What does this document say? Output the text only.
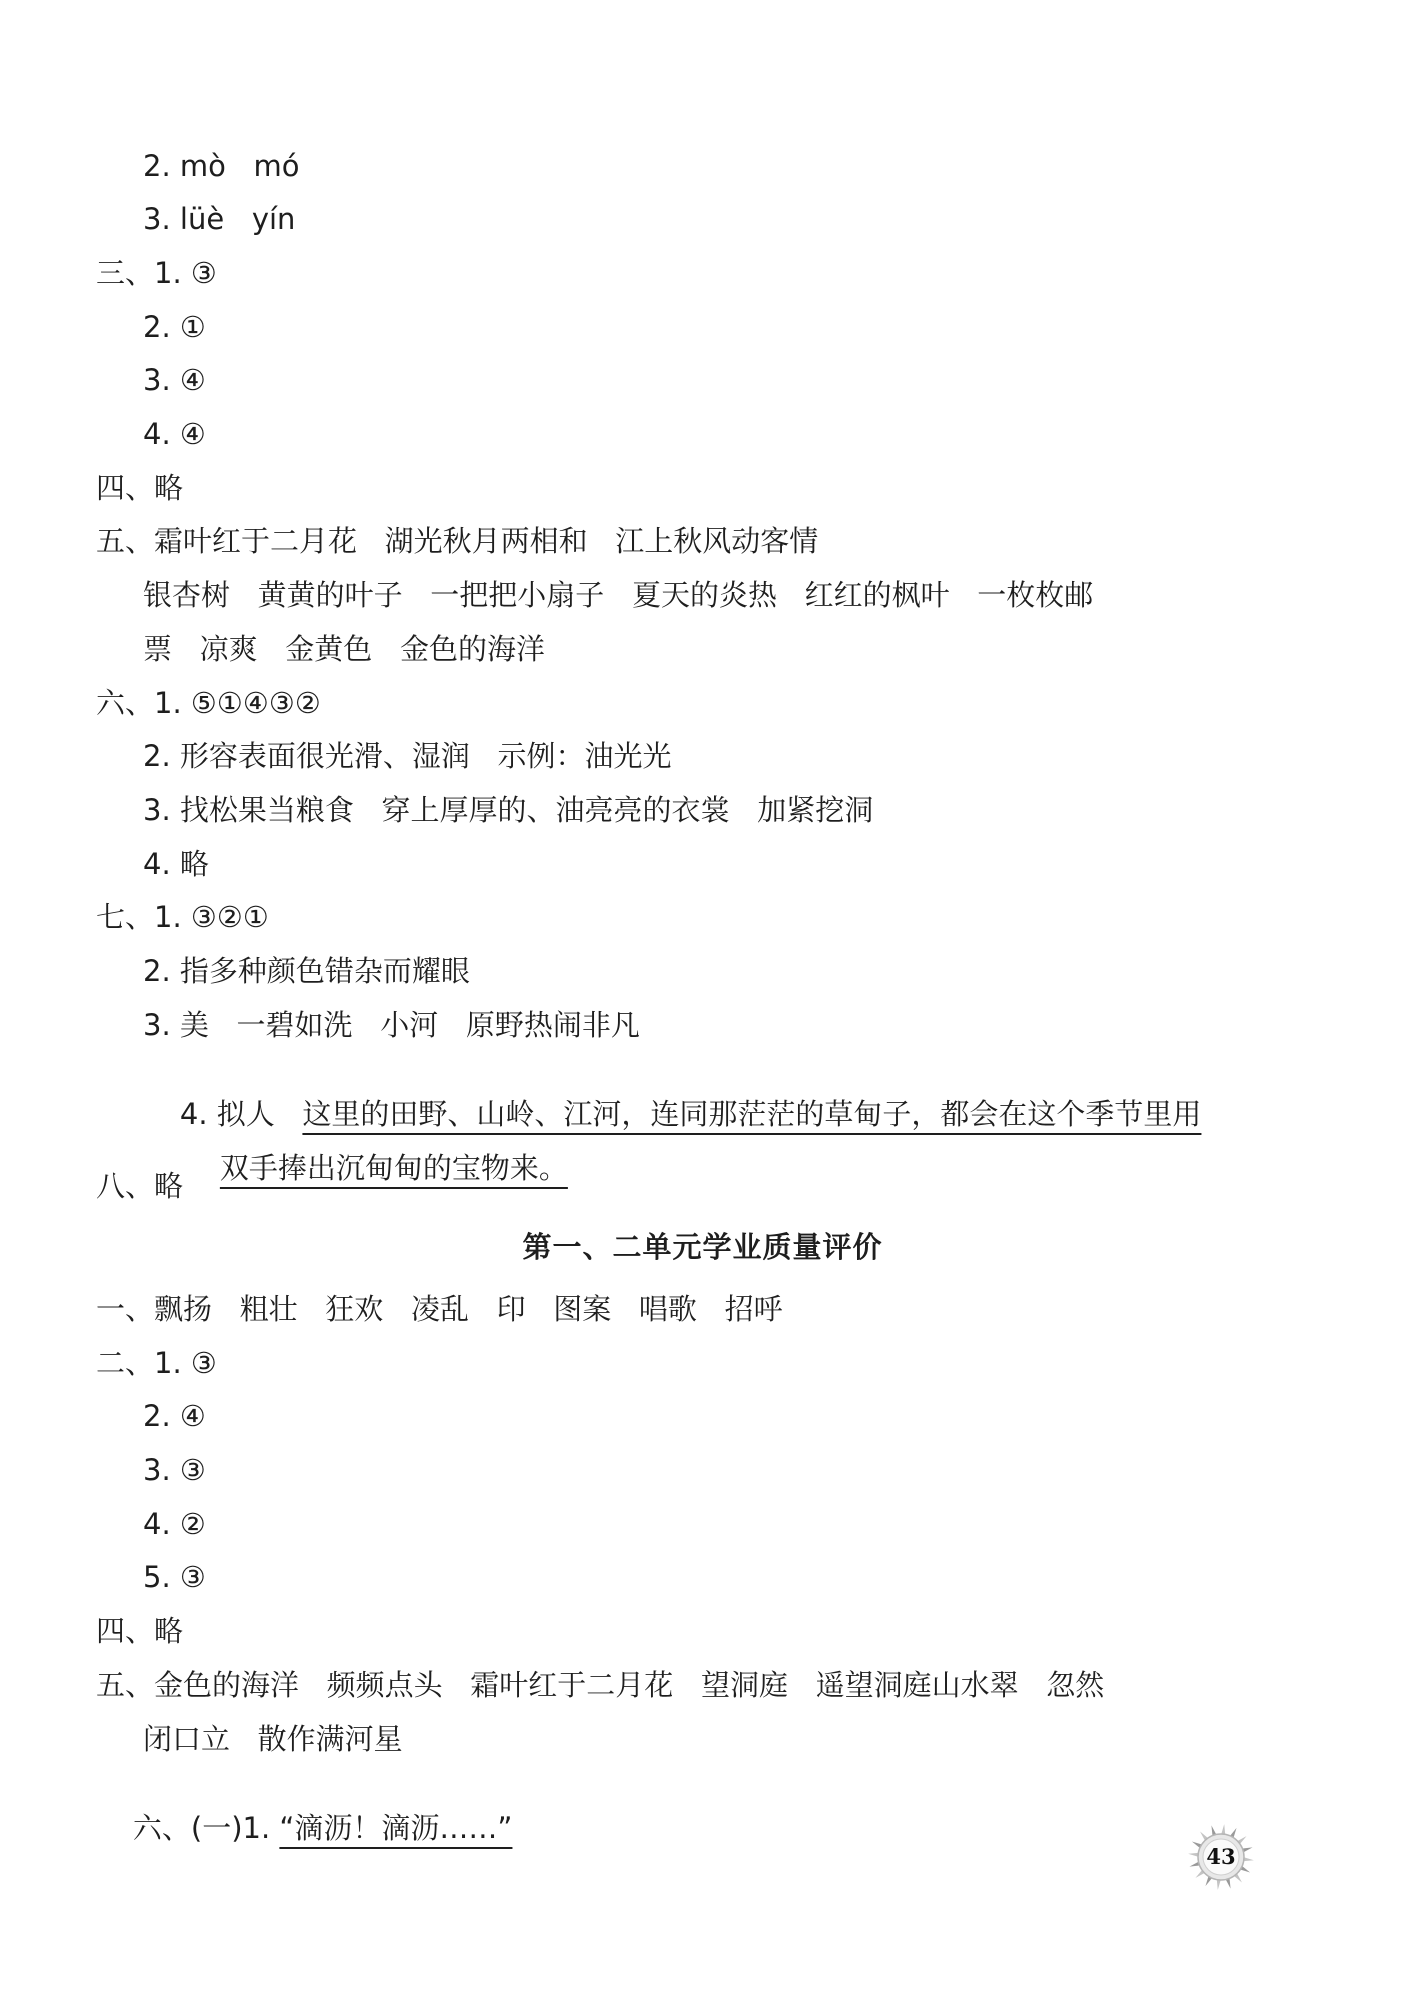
2. mò   mó
3. lüè   yín
三、1. ③
2. ①
3. ④
4. ④
四、略
五、霜叶红于二月花   湖光秋月两相和   江上秋风动客情
银杏树   黄黄的叶子   一把把小扇子   夏天的炎热   红红的枫叶   一枚枚邮
票   凉爽   金黄色   金色的海洋
六、1. ⑤①④③②
2. 形容表面很光滑、湿润   示例：油光光
3. 找松果当粮食   穿上厚厚的、油亮亮的衣裳   加紧挖洞
4. 略
七、1. ③②①
2. 指多种颜色错杂而耀眼
3. 美   一碧如洗   小河   原野热闹非凡

4. 拟人   这里的田野、山岭、江河，连同那茫茫的草甸子，都会在这个季节里用

双手捧出沉甸甸的宝物来。

八、略
第一、二单元学业质量评价
一、飘扬   粗壮   狂欢   凌乱   印   图案   唱歌   招呼
二、1. ③
2. ④
3. ③
4. ②
5. ③
四、略
五、金色的海洋   频频点头   霜叶红于二月花   望洞庭   遥望洞庭山水翠   忽然
闭口立   散作满河星

六、(一)1. “滴沥！滴沥……”

43
